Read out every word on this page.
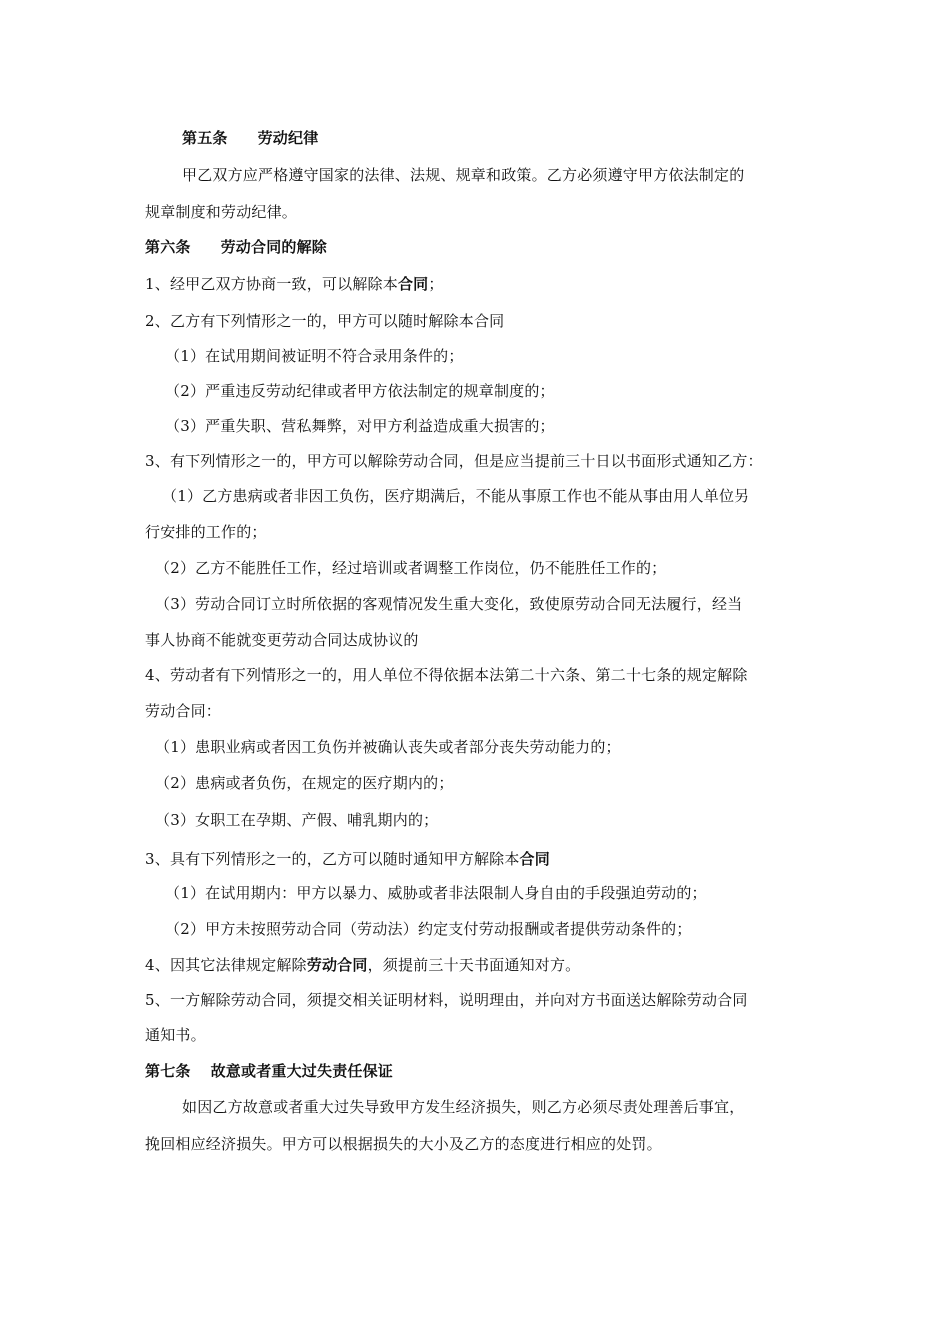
第五条 劳动纪律
甲乙双方应严格遵守国家的法律、法规、规章和政策。乙方必须遵守甲方依法制定的
规章制度和劳动纪律。
第六条 劳动合同的解除
1、经甲乙双方协商一致，可以解除本合同；
2、乙方有下列情形之一的，甲方可以随时解除本合同
（1）在试用期间被证明不符合录用条件的；
（2）严重违反劳动纪律或者甲方依法制定的规章制度的；
（3）严重失职、营私舞弊，对甲方利益造成重大损害的；
3、有下列情形之一的，甲方可以解除劳动合同，但是应当提前三十日以书面形式通知乙方：
（1）乙方患病或者非因工负伤，医疗期满后，不能从事原工作也不能从事由用人单位另
行安排的工作的；
（2）乙方不能胜任工作，经过培训或者调整工作岗位，仍不能胜任工作的；
（3）劳动合同订立时所依据的客观情况发生重大变化，致使原劳动合同无法履行，经当
事人协商不能就变更劳动合同达成协议的
4、劳动者有下列情形之一的，用人单位不得依据本法第二十六条、第二十七条的规定解除
劳动合同：
（1）患职业病或者因工负伤并被确认丧失或者部分丧失劳动能力的；
（2）患病或者负伤，在规定的医疗期内的；
（3）女职工在孕期、产假、哺乳期内的；
3、具有下列情形之一的，乙方可以随时通知甲方解除本合同
（1）在试用期内：甲方以暴力、威胁或者非法限制人身自由的手段强迫劳动的；
（2）甲方未按照劳动合同（劳动法）约定支付劳动报酬或者提供劳动条件的；
4、因其它法律规定解除劳动合同，须提前三十天书面通知对方。
5、一方解除劳动合同，须提交相关证明材料，说明理由，并向对方书面送达解除劳动合同
通知书。
第七条 故意或者重大过失责任保证
如因乙方故意或者重大过失导致甲方发生经济损失，则乙方必须尽责处理善后事宜，
挽回相应经济损失。甲方可以根据损失的大小及乙方的态度进行相应的处罚。
